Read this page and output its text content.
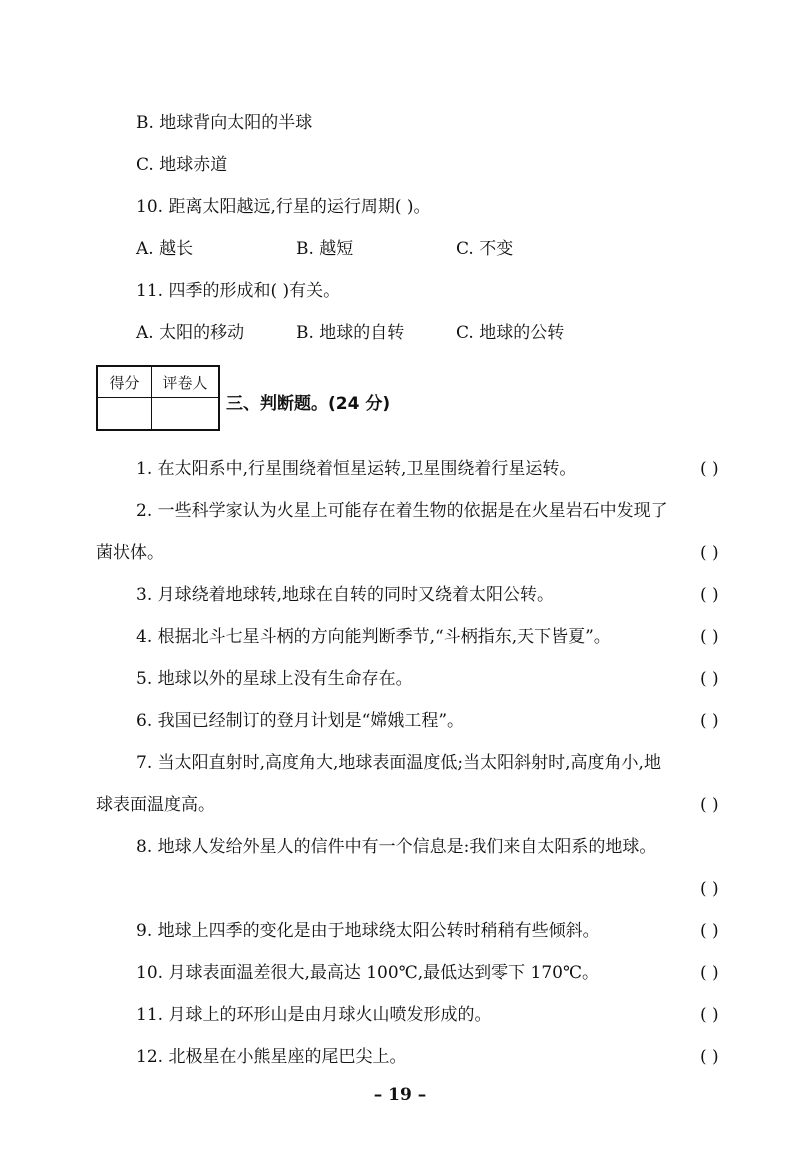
B. 地球背向太阳的半球
C. 地球赤道
10. 距离太阳越远,行星的运行周期( )。
A. 越长	B. 越短	C. 不变
11. 四季的形成和( )有关。
A. 太阳的移动	B. 地球的自转	C. 地球的公转
得分	评卷人

三、判断题。(24 分)
1. 在太阳系中,行星围绕着恒星运转,卫星围绕着行星运转。	( )
2. 一些科学家认为火星上可能存在着生物的依据是在火星岩石中发现了
菌状体。	( )
3. 月球绕着地球转,地球在自转的同时又绕着太阳公转。	( )
4. 根据北斗七星斗柄的方向能判断季节,“斗柄指东,天下皆夏”。	( )
5. 地球以外的星球上没有生命存在。	( )
6. 我国已经制订的登月计划是“嫦娥工程”。	( )
7. 当太阳直射时,高度角大,地球表面温度低;当太阳斜射时,高度角小,地
球表面温度高。	( )
8. 地球人发给外星人的信件中有一个信息是:我们来自太阳系的地球。
( )
9. 地球上四季的变化是由于地球绕太阳公转时稍稍有些倾斜。	( )
10. 月球表面温差很大,最高达 100℃,最低达到零下 170℃。	( )
11. 月球上的环形山是由月球火山喷发形成的。	( )
12. 北极星在小熊星座的尾巴尖上。	( )
– 19 –
